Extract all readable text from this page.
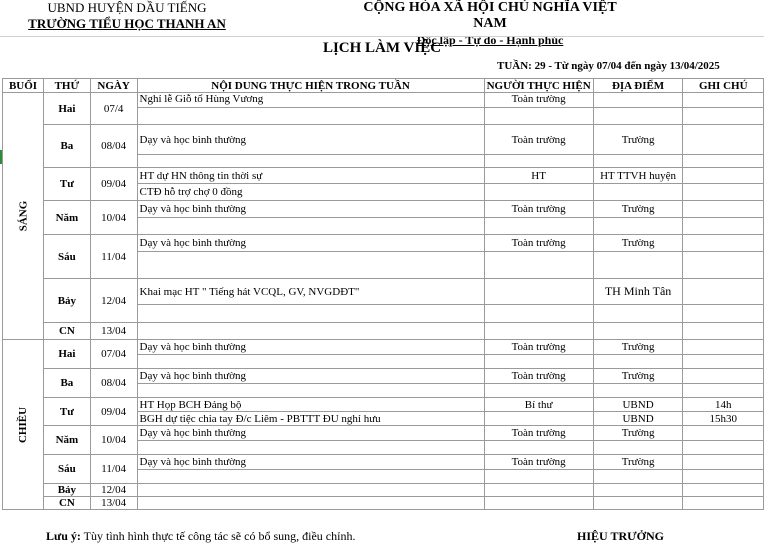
UBND HUYỆN DẦU TIẾNG
TRƯỜNG TIỂU HỌC THANH AN
CỘNG HÒA XÃ HỘI CHỦ NGHĨA VIỆT NAM
Độc lập - Tự do - Hạnh phúc
LỊCH LÀM VIỆC
TUẦN: 29 - Từ ngày 07/04 đến ngày 13/04/2025
BUỔI	THỨ	NGÀY	NỘI DUNG THỰC HIỆN TRONG TUẦN	NGƯỜI THỰC HIỆN	ĐỊA ĐIỂM	GHI CHÚ
SÁNG	Hai	07/4	Nghỉ lễ Giỗ tổ Hùng Vương	Toàn trường		

	Ba	08/04	Dạy và học bình thường	Toàn trường	Trường	

	Tư	09/04	HT dự HN thông tin thời sự	HT	HT TTVH huyện	
			CTĐ hỗ trợ chợ 0 đồng			
	Năm	10/04	Dạy và học bình thường	Toàn trường	Trường	

	Sáu	11/04	Dạy và học bình thường	Toàn trường	Trường	

	Bảy	12/04	Khai mạc HT " Tiếng hát VCQL, GV, NVGDĐT"		TH Minh Tân	

	CN	13/04				
CHIỀU	Hai	07/04	Dạy và học bình thường	Toàn trường	Trường	

	Ba	08/04	Dạy và học bình thường	Toàn trường	Trường	

	Tư	09/04	HT Họp BCH Đảng bộ	Bí thư	UBND	14h
			BGH dự tiệc chia tay Đ/c Liêm - PBTTT ĐU nghỉ hưu		UBND	15h30
	Năm	10/04	Dạy và học bình thường	Toàn trường	Trường	

	Sáu	11/04	Dạy và học bình thường	Toàn trường	Trường	

	Bảy	12/04				
	CN	13/04				
Lưu ý: Tùy tình hình thực tế công tác sẽ có bổ sung, điều chỉnh.	HIỆU TRƯỞNG
